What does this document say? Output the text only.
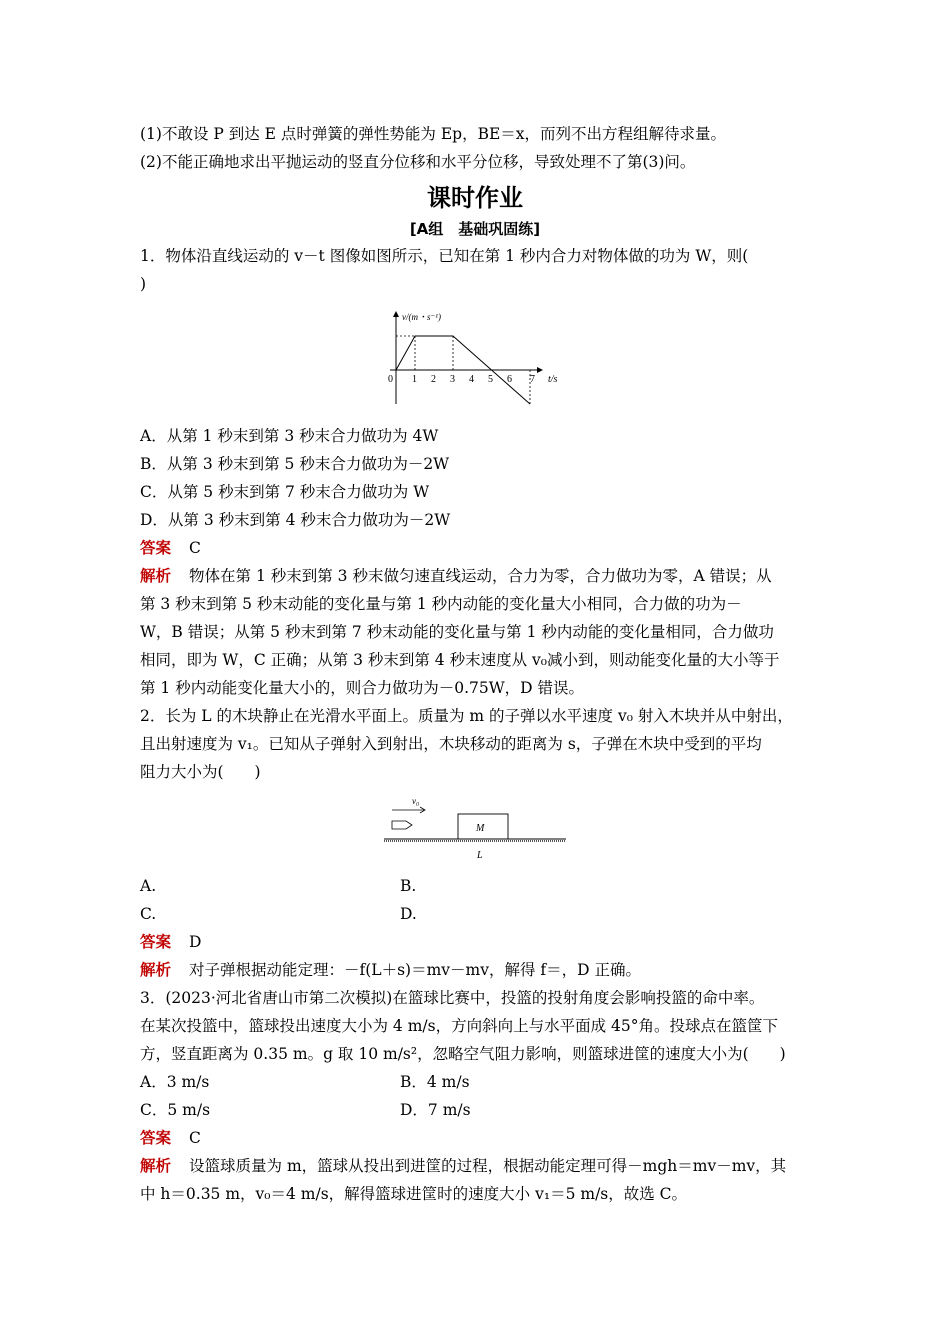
(1)不敢设 P 到达 E 点时弹簧的弹性势能为 Ep，BE＝x，而列不出方程组解待求量。
(2)不能正确地求出平抛运动的竖直分位移和水平分位移，导致处理不了第(3)问。
课时作业
[A组　基础巩固练]
1．物体沿直线运动的 v－t 图像如图所示，已知在第 1 秒内合力对物体做的功为 W，则(
)
v/(m・s⁻¹)
0	t/s
1 2 3 4 5 6 7
A．从第 1 秒末到第 3 秒末合力做功为 4W
B．从第 3 秒末到第 5 秒末合力做功为－2W
C．从第 5 秒末到第 7 秒末合力做功为 W
D．从第 3 秒末到第 4 秒末合力做功为－2W
答案 C
解析 物体在第 1 秒末到第 3 秒末做匀速直线运动，合力为零，合力做功为零，A 错误；从
第 3 秒末到第 5 秒末动能的变化量与第 1 秒内动能的变化量大小相同，合力做的功为－
W，B 错误；从第 5 秒末到第 7 秒末动能的变化量与第 1 秒内动能的变化量相同，合力做功
相同，即为 W，C 正确；从第 3 秒末到第 4 秒末速度从 v₀减小到，则动能变化量的大小等于
第 1 秒内动能变化量大小的，则合力做功为－0.75W，D 错误。
2．长为 L 的木块静止在光滑水平面上。质量为 m 的子弹以水平速度 v₀ 射入木块并从中射出，
且出射速度为 v₁。已知从子弹射入到射出，木块移动的距离为 s，子弹在木块中受到的平均
阻力大小为(　　)
v₀
M
L
A.	B.
C.	D.
答案 D
解析 对子弹根据动能定理：－f(L＋s)＝mv－mv，解得 f＝，D 正确。
3．(2023·河北省唐山市第二次模拟)在篮球比赛中，投篮的投射角度会影响投篮的命中率。
在某次投篮中，篮球投出速度大小为 4 m/s，方向斜向上与水平面成 45°角。投球点在篮筐下
方，竖直距离为 0.35 m。g 取 10 m/s²，忽略空气阻力影响，则篮球进筐的速度大小为(　　)
A．3 m/s	B．4 m/s
C．5 m/s	D．7 m/s
答案 C
解析 设篮球质量为 m，篮球从投出到进筐的过程，根据动能定理可得－mgh＝mv－mv，其
中 h＝0.35 m，v₀＝4 m/s，解得篮球进筐时的速度大小 v₁＝5 m/s，故选 C。
